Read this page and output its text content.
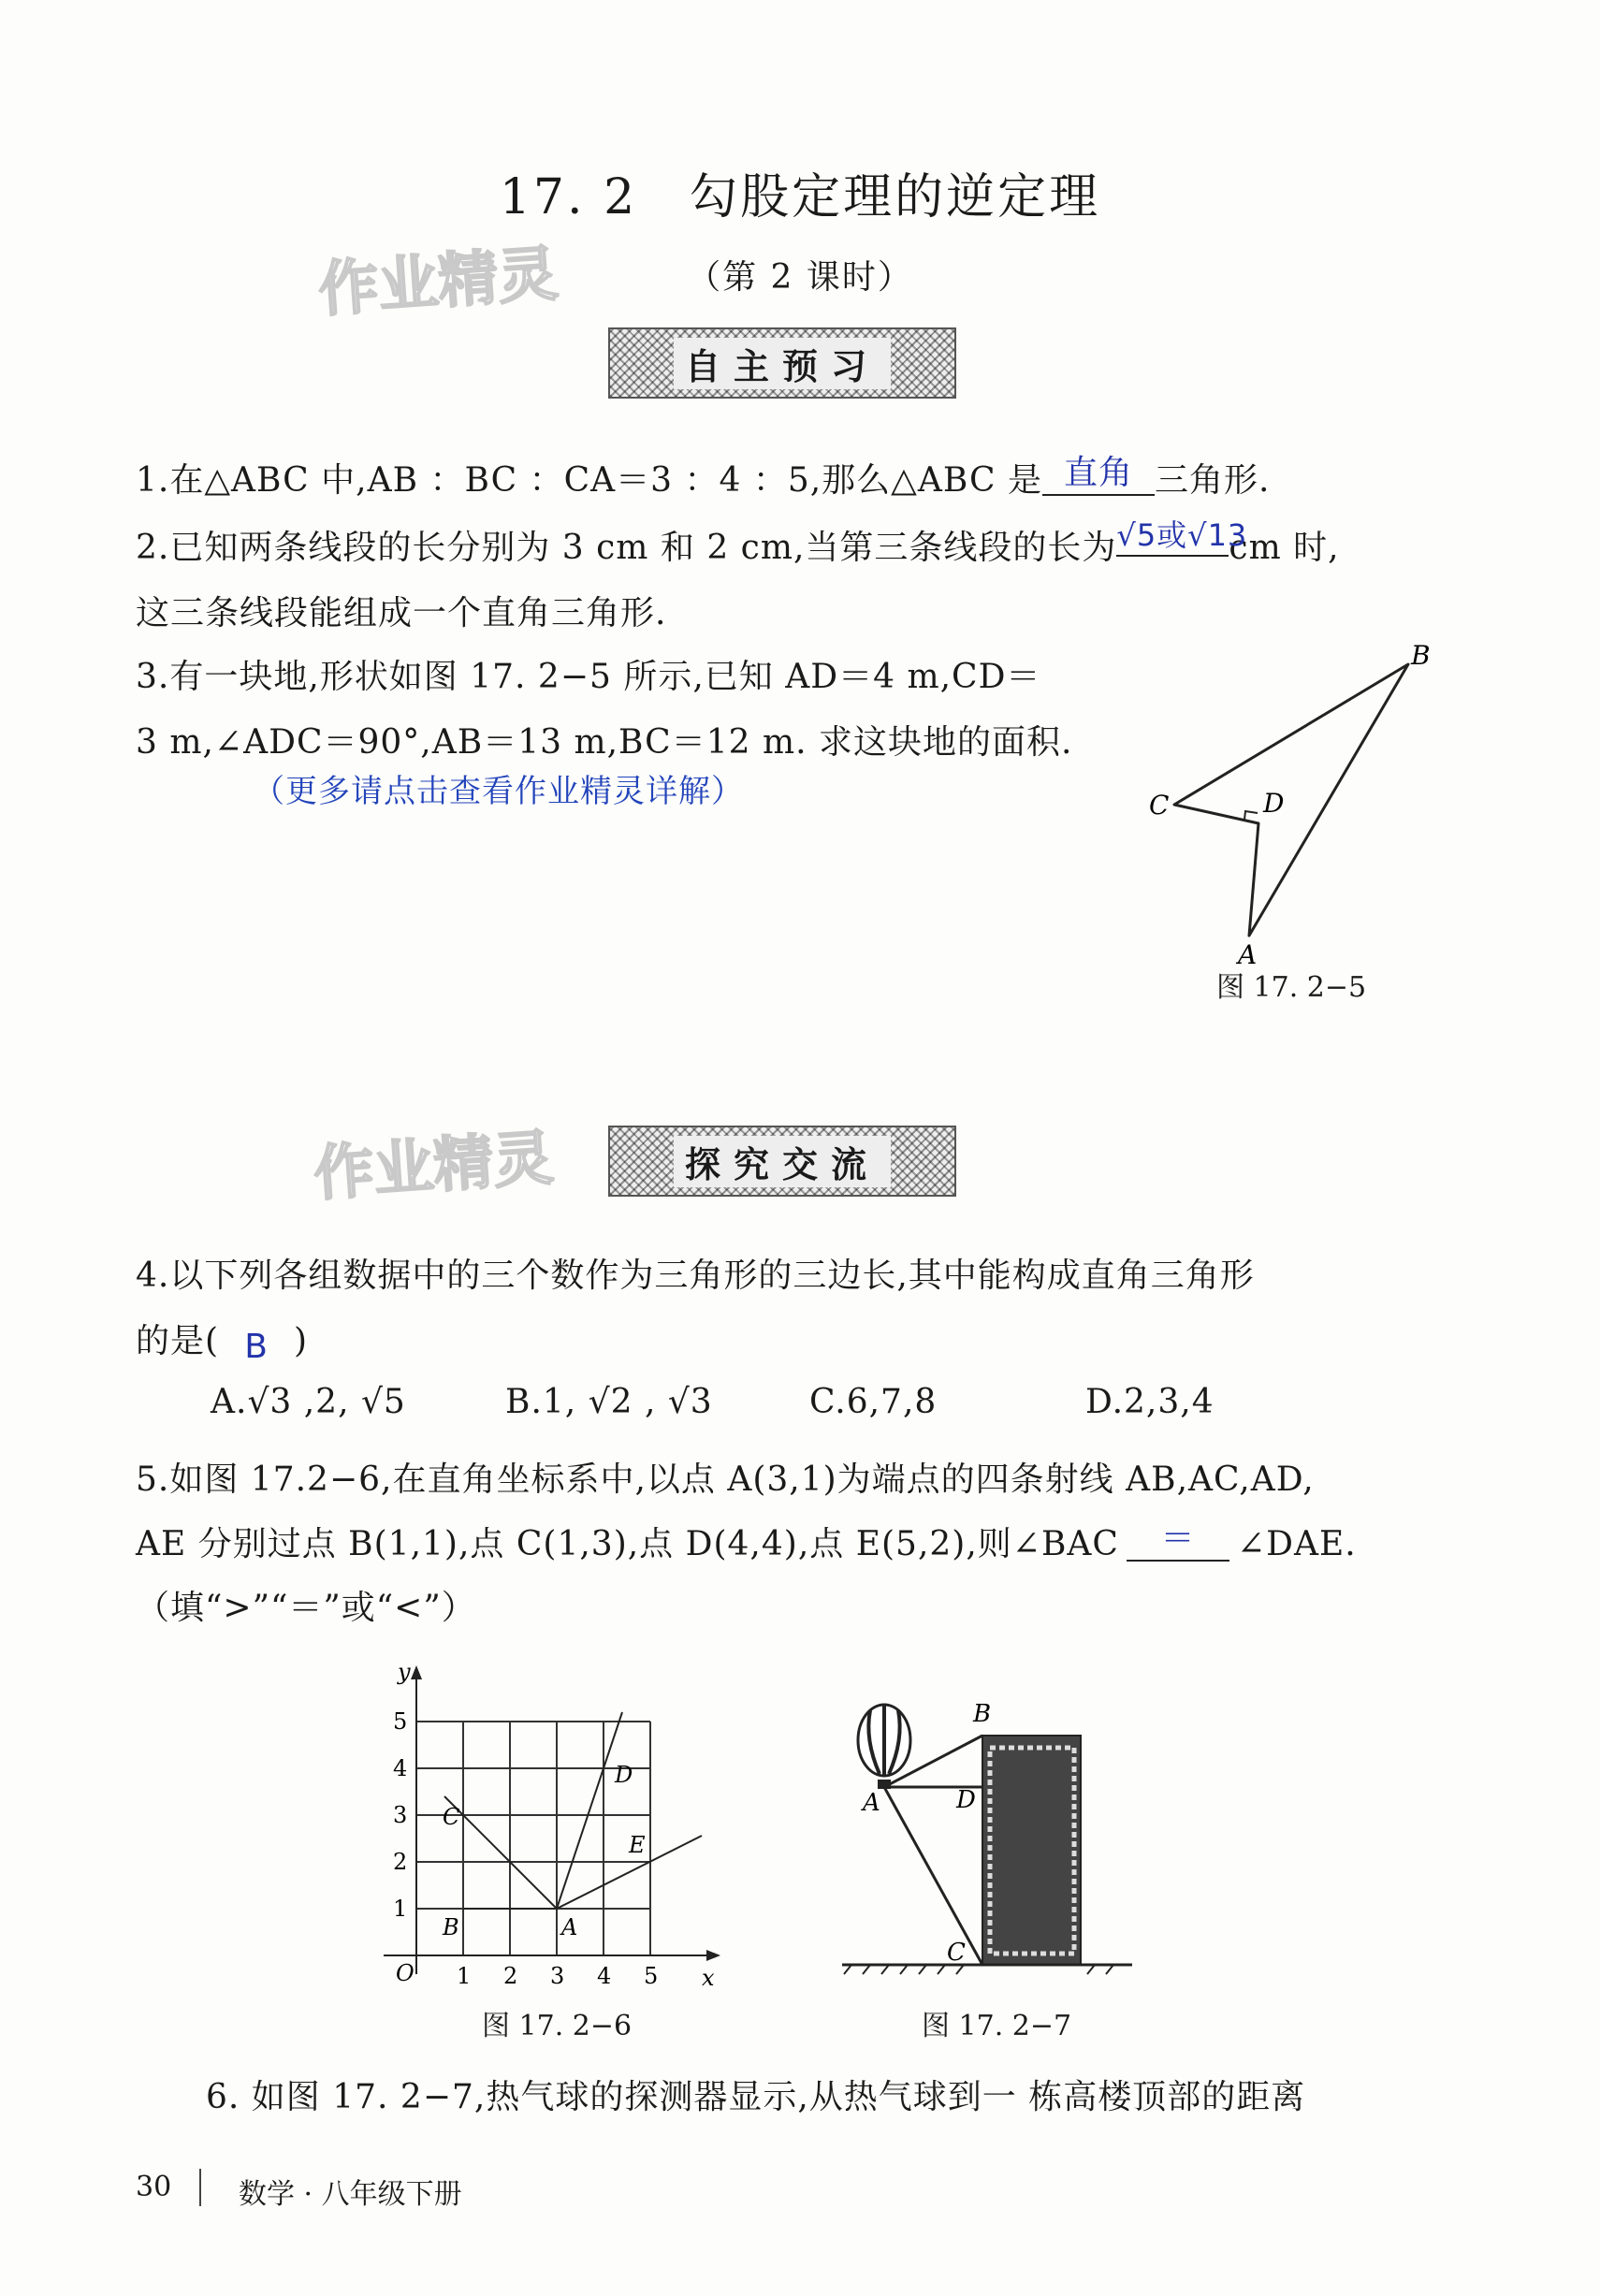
17. 2　勾股定理的逆定理
（第 2 课时）
作业精灵
自主预习
1.在△ABC 中,AB ：BC ：CA＝3 ：4 ：5,那么△ABC 是 直角 三角形.
2.已知两条线段的长分别为 3 cm 和 2 cm,当第三条线段的长为√5或√13cm 时,
这三条线段能组成一个直角三角形.
3.有一块地,形状如图 17. 2−5 所示,已知 AD＝4 m,CD＝
3 m,∠ADC＝90°,AB＝13 m,BC＝12 m. 求这块地的面积.
（更多请点击查看作业精灵详解）
B
C	D
A
图 17. 2−5
作业精灵	探究交流
4.以下列各组数据中的三个数作为三角形的三边长,其中能构成直角三角形
的是( B )
A.√3 ,2, √5	B.1, √2 , √3	C.6,7,8	D.2,3,4
5.如图 17.2−6,在直角坐标系中,以点 A(3,1)为端点的四条射线 AB,AC,AD,
AE 分别过点 B(1,1),点 C(1,3),点 D(4,4),点 E(5,2),则∠BAC ＝ ∠DAE.
（填“>”“＝”或“<”）
1 2 3 4 5
1
2
3
4
5
x
y
O
A
B
C
D
E
图 17. 2−6
A
B
C
D
图 17. 2−7
6. 如图 17. 2−7,热气球的探测器显示,从热气球到一 栋高楼顶部的距离
30 数学 · 八年级下册
